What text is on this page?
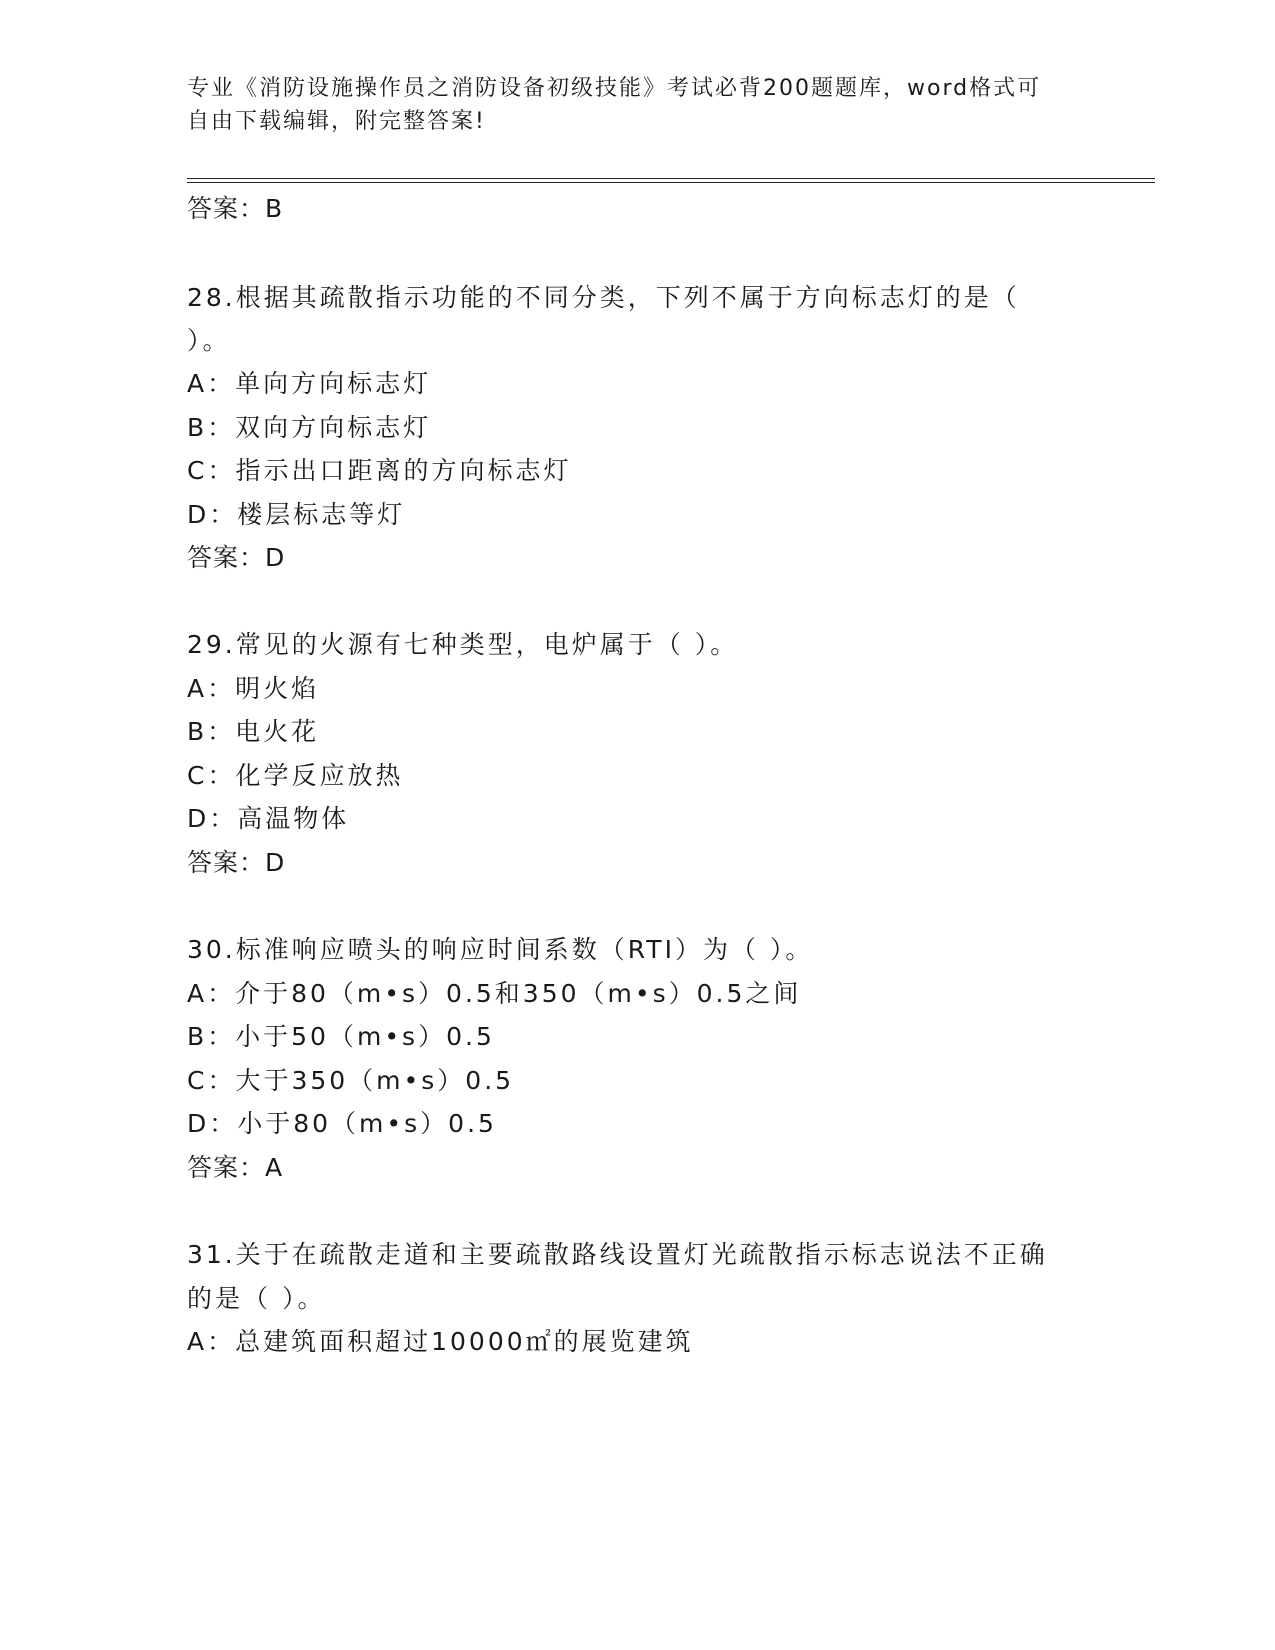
专业《消防设施操作员之消防设备初级技能》考试必背200题题库，word格式可
自由下载编辑，附完整答案!
答案：B
28.根据其疏散指示功能的不同分类，下列不属于方向标志灯的是（
）。
A：单向方向标志灯
B：双向方向标志灯
C：指示出口距离的方向标志灯
D：楼层标志等灯
答案：D
29.常见的火源有七种类型，电炉属于（ ）。
A：明火焰
B：电火花
C：化学反应放热
D：高温物体
答案：D
30.标准响应喷头的响应时间系数（RTI）为（ ）。
A：介于80（m•s）0.5和350（m•s）0.5之间
B：小于50（m•s）0.5
C：大于350（m•s）0.5
D：小于80（m•s）0.5
答案：A
31.关于在疏散走道和主要疏散路线设置灯光疏散指示标志说法不正确
的是（ ）。
A：总建筑面积超过10000㎡的展览建筑
